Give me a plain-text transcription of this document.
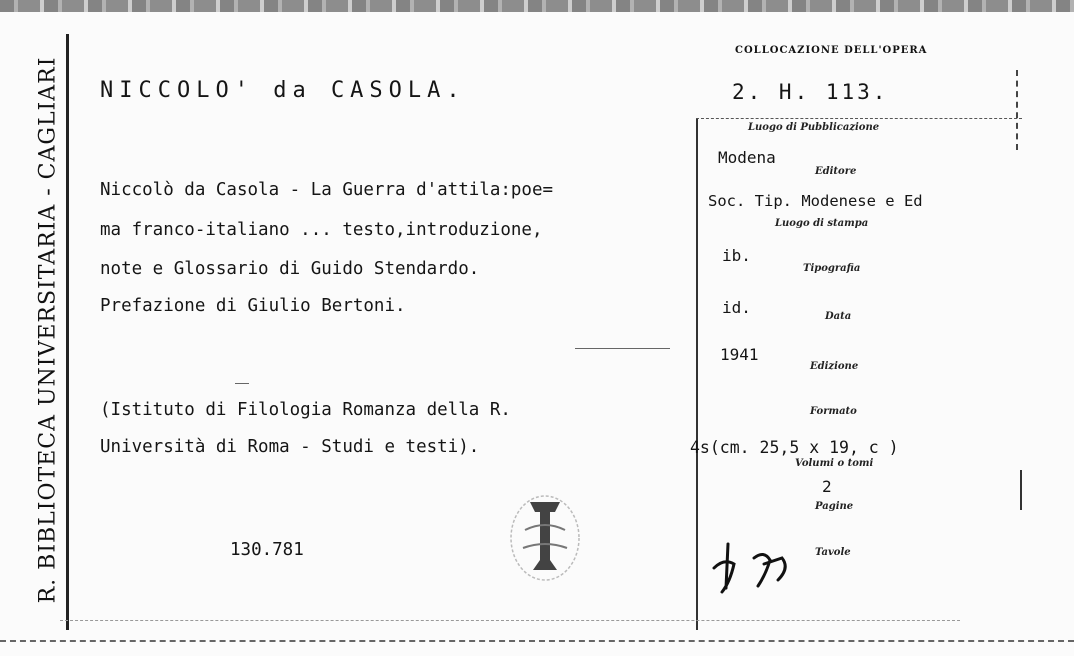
R. BIBLIOTECA UNIVERSITARIA - CAGLIARI NICCOLO' da CASOLA.
Niccolò da Casola - La Guerra d'attila:poe=
ma franco-italiano ... testo,introduzione,
note e Glossario di Guido Stendardo.
Prefazione di Giulio Bertoni.
(Istituto di Filologia Romanza della R.
Università di Roma - Studi e testi).
130.781
COLLOCAZIONE DELL'OPERA
2. H. 113.
Luogo di Pubblicazione
Modena
Editore
Soc. Tip. Modenese e Ed
Luogo di stampa
ib.
Tipografia
id.	Data
1941
Edizione
Formato
4s(cm. 25,5 x 19, c )
Volumi o tomi
2
Pagine
Tavole
